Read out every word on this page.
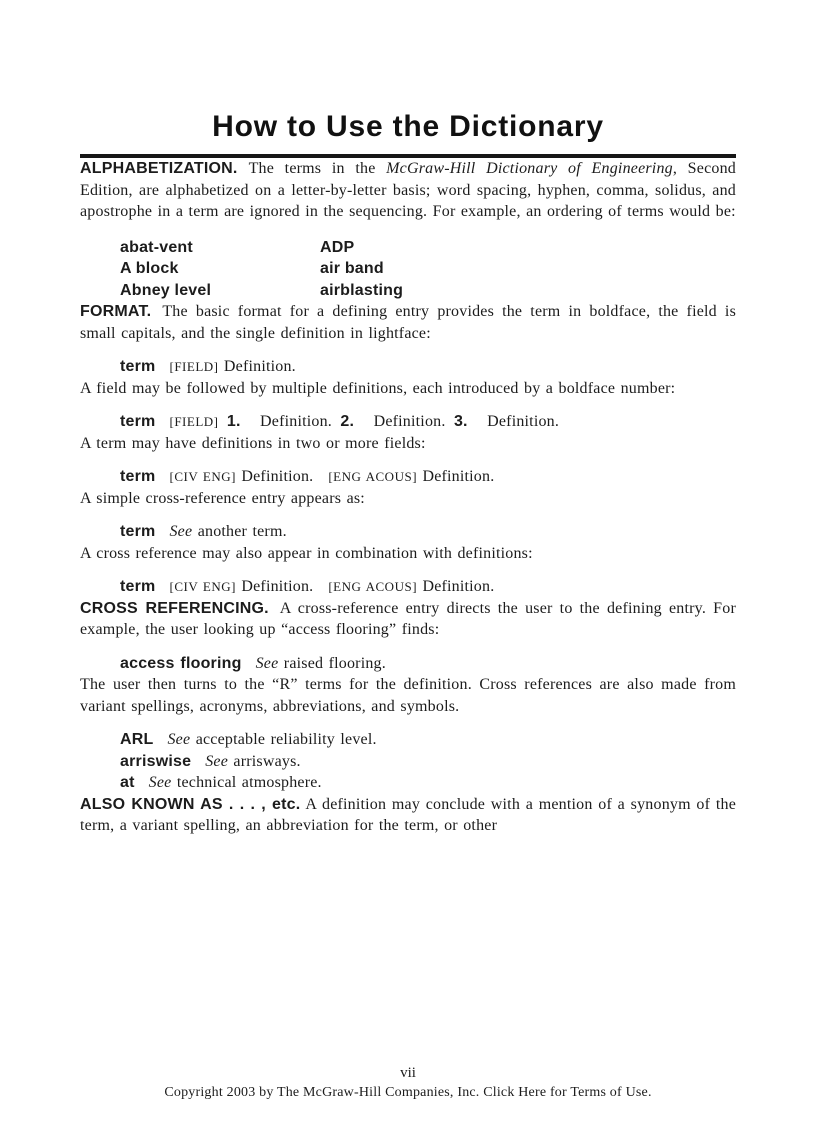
How to Use the Dictionary

ALPHABETIZATION. The terms in the McGraw-Hill Dictionary of Engineering, Second Edition, are alphabetized on a letter-by-letter basis; word spacing, hyphen, comma, solidus, and apostrophe in a term are ignored in the sequencing. For example, an ordering of terms would be:

abat-vent	ADP
A block	air band
Abney level	airblasting

FORMAT. The basic format for a defining entry provides the term in boldface, the field is small capitals, and the single definition in lightface:

term [FIELD] Definition.

A field may be followed by multiple definitions, each introduced by a boldface number:

term [FIELD] 1. Definition. 2. Definition. 3. Definition.

A term may have definitions in two or more fields:

term [CIV ENG] Definition. [ENG ACOUS] Definition.

A simple cross-reference entry appears as:

term See another term.

A cross reference may also appear in combination with definitions:

term [CIV ENG] Definition. [ENG ACOUS] Definition.

CROSS REFERENCING. A cross-reference entry directs the user to the defining entry. For example, the user looking up “access flooring” finds:

access flooring See raised flooring.

The user then turns to the “R” terms for the definition. Cross references are also made from variant spellings, acronyms, abbreviations, and symbols.

ARL See acceptable reliability level.
arriswise See arrisways.
at See technical atmosphere.

ALSO KNOWN AS . . . , etc. A definition may conclude with a mention of a synonym of the term, a variant spelling, an abbreviation for the term, or other

vii
Copyright 2003 by The McGraw-Hill Companies, Inc. Click Here for Terms of Use.
